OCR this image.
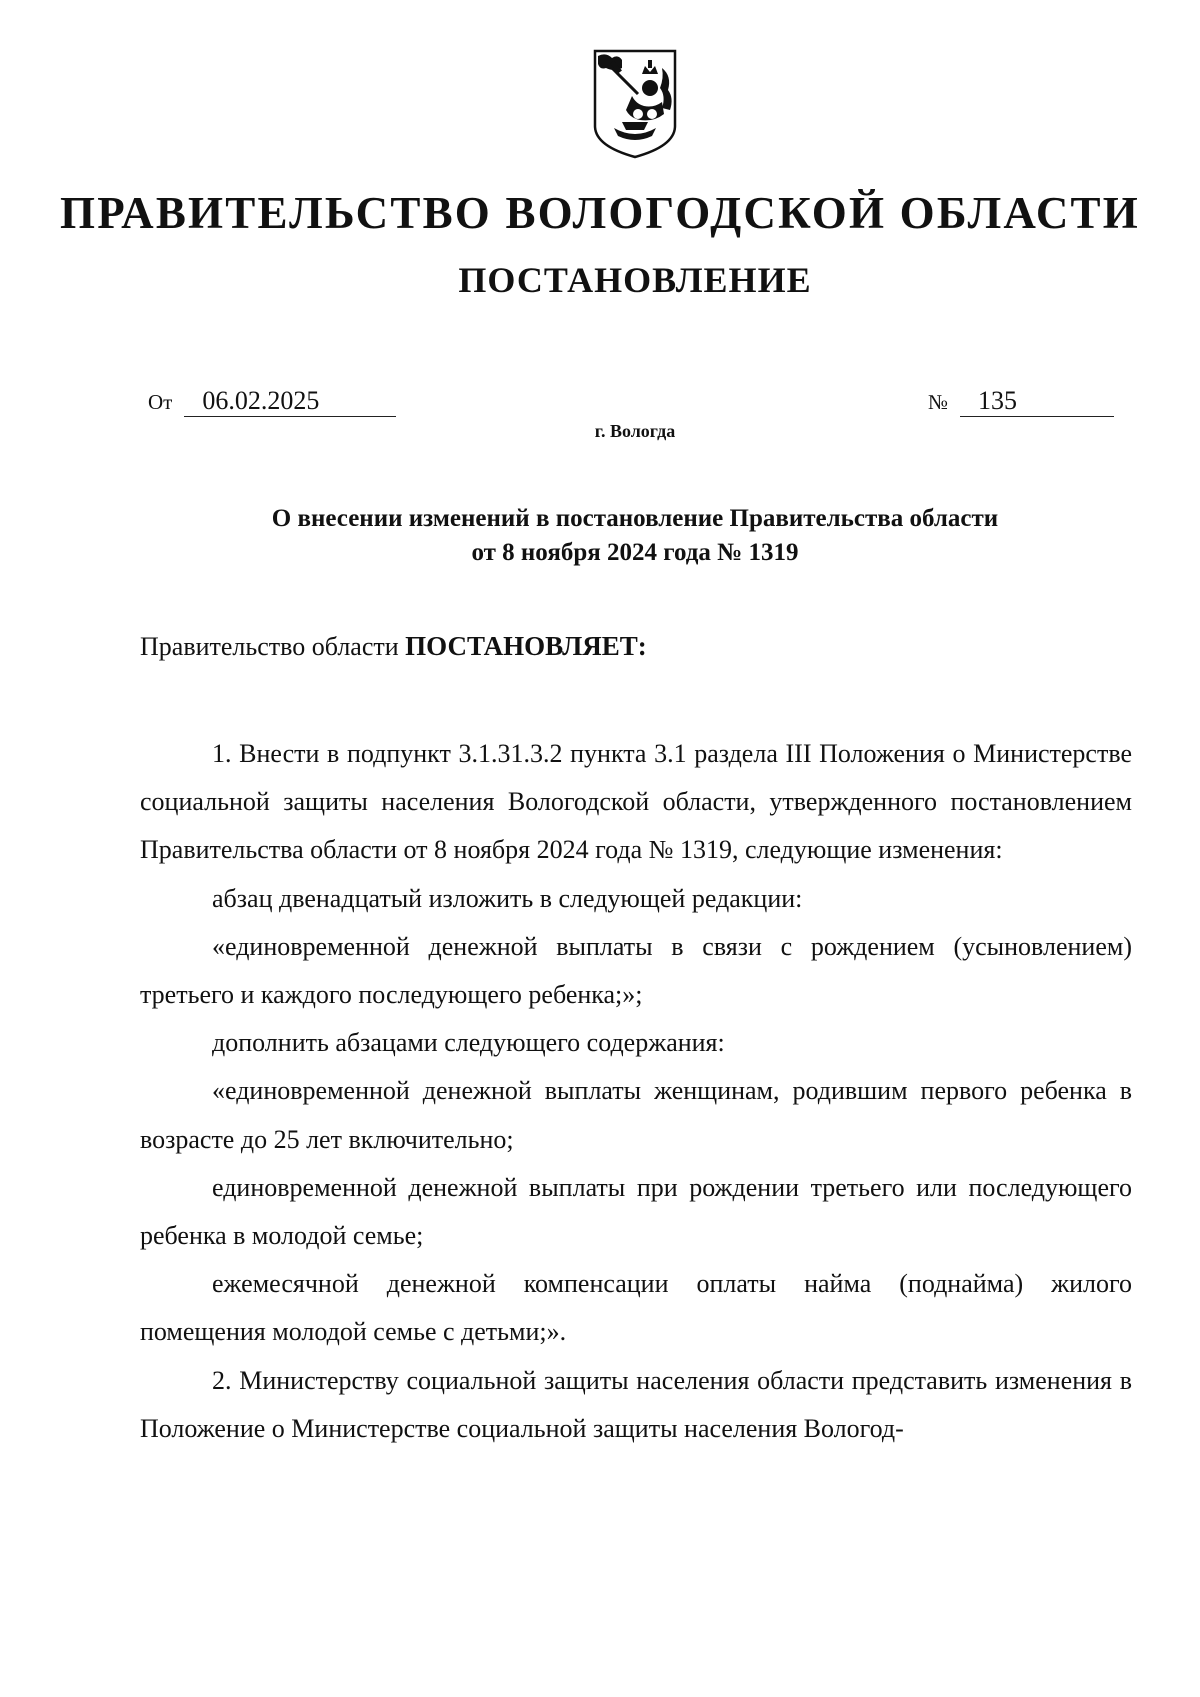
ПРАВИТЕЛЬСТВО ВОЛОГОДСКОЙ ОБЛАСТИ
ПОСТАНОВЛЕНИЕ
От 06.02.2025	№ 135
г. Вологда
О внесении изменений в постановление Правительства области
от 8 ноября 2024 года № 1319
Правительство области ПОСТАНОВЛЯЕТ:

1. Внести в подпункт 3.1.31.3.2 пункта 3.1 раздела III Положения о Министерстве социальной защиты населения Вологодской области, утвержденного постановлением Правительства области от 8 ноября 2024 года № 1319, следующие изменения:

абзац двенадцатый изложить в следующей редакции:

«единовременной денежной выплаты в связи с рождением (усыновлением) третьего и каждого последующего ребенка;»;

дополнить абзацами следующего содержания:

«единовременной денежной выплаты женщинам, родившим первого ребенка в возрасте до 25 лет включительно;

единовременной денежной выплаты при рождении третьего или последующего ребенка в молодой семье;

ежемесячной денежной компенсации оплаты найма (поднайма) жилого помещения молодой семье с детьми;».

2. Министерству социальной защиты населения области представить изменения в Положение о Министерстве социальной защиты населения Вологод-
